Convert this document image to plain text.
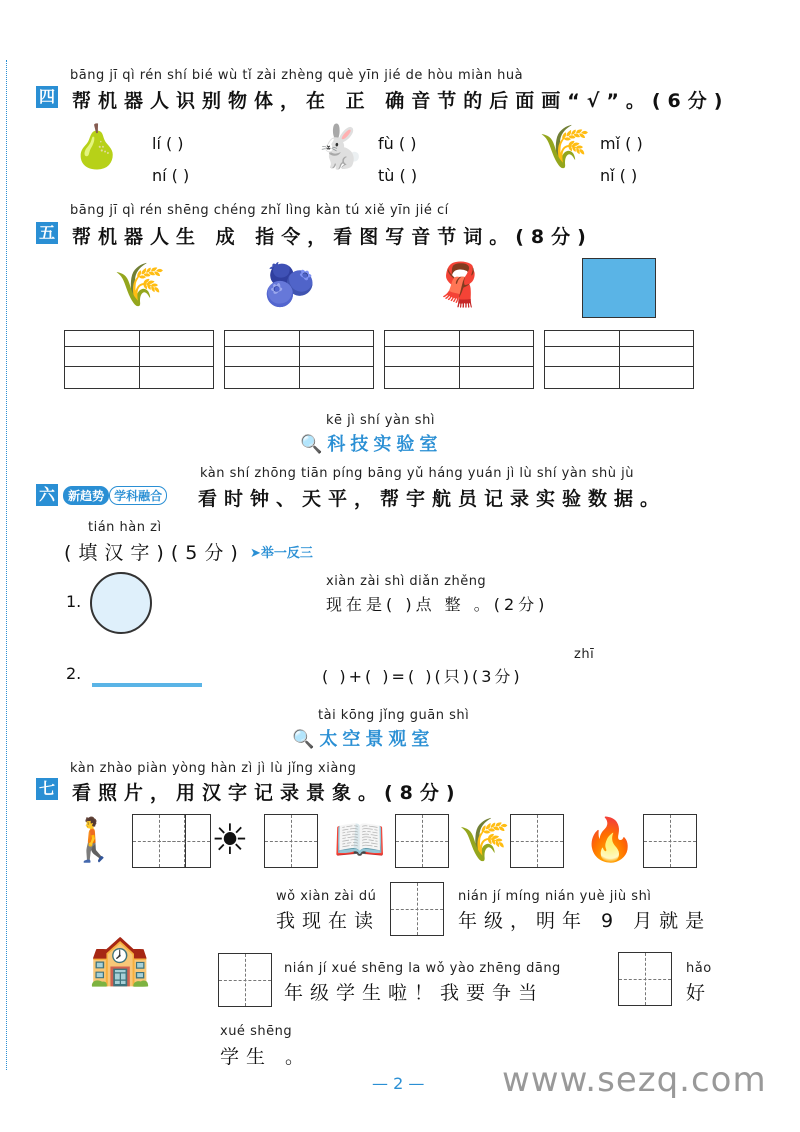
bāng jī qì rén shí bié wù tǐ zài zhèng què yīn jié de hòu miàn huà
四 帮机器人识别物体，在 正 确音节的后面画“√”。(6分)
🍐	lí ( )
ní ( )
🐇 fù ( )
tù ( )
🌾 mǐ ( )
nǐ ( )
bāng jī qì rén shēng chéng zhǐ lìng kàn tú xiě yīn jié cí
五 帮机器人生 成 指令，看图写音节词。(8分)
🌾 🫐	🧣
kē jì shí yàn shì
🔍科技实验室
kàn shí zhōng tiān píng bāng yǔ háng yuán jì lù shí yàn shù jù
六 新趋势 学科融合 看时钟、天平，帮宇航员记录实验数据。
tián hàn zì
(填汉字)(5分) ➤举一反三
1.
xiàn zài shì diǎn zhěng
现在是( )点 整 。(2分)
2.
zhī
( )+( )=( )(只)(3分)
tài kōng jǐng guān shì
🔍太空景观室
kàn zhào piàn yòng hàn zì jì lù jǐng xiàng
七 看照片，用汉字记录景象。(8分)
🚶 ☀ 📖 🌾 🔥
wǒ xiàn zài dú
我现在读
nián jí míng nián yuè jiù shì
年级，明年 9 月就是
🏫	nián jí xué shēng la wǒ yào zhēng dāng
年级学生啦！我要争当
hǎo
好
xué shēng
学生 。
— 2 — www.sezq.com
